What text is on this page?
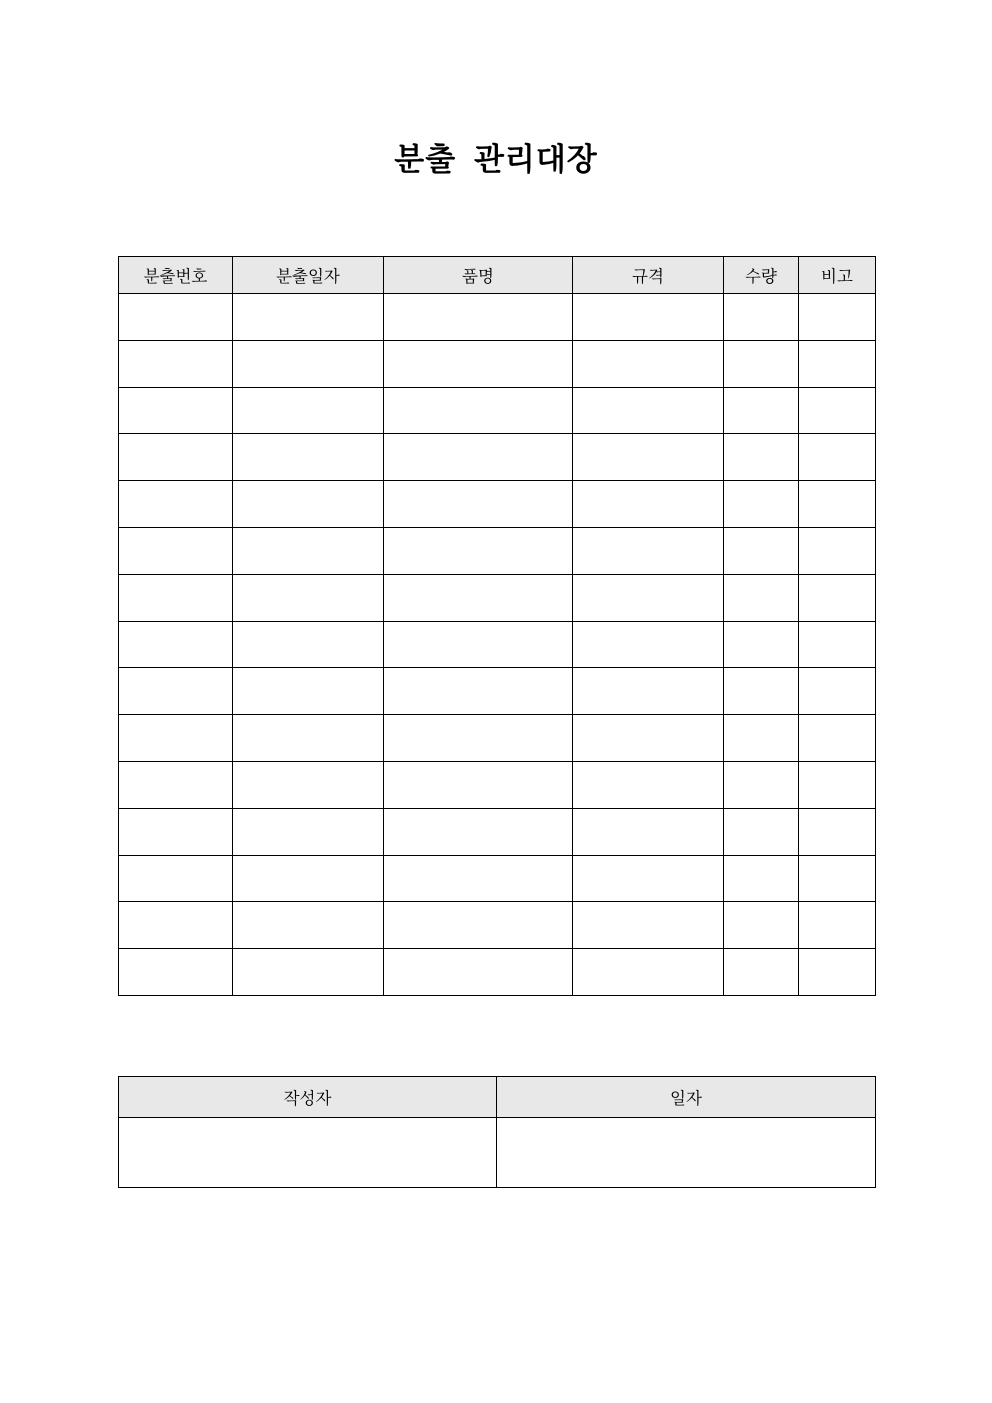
분출 관리대장
분출번호	분출일자	품명	규격	수량	비고

작성자	일자
